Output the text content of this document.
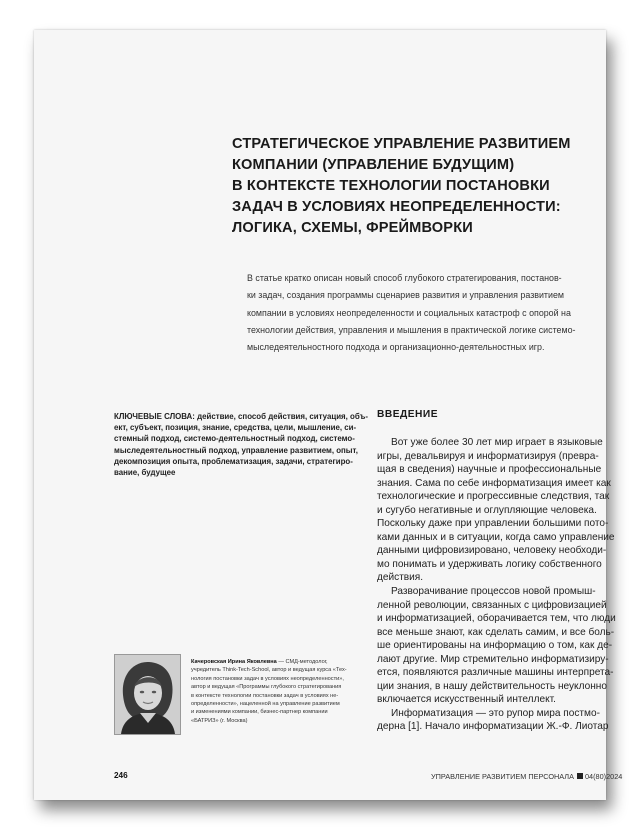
СТРАТЕГИЧЕСКОЕ УПРАВЛЕНИЕ РАЗВИТИЕМ
КОМПАНИИ (УПРАВЛЕНИЕ БУДУЩИМ)
В КОНТЕКСТЕ ТЕХНОЛОГИИ ПОСТАНОВКИ
ЗАДАЧ В УСЛОВИЯХ НЕОПРЕДЕЛЕННОСТИ:
ЛОГИКА, СХЕМЫ, ФРЕЙМВОРКИ
В статье кратко описан новый способ глубокого стратегирования, постанов-
ки задач, создания программы сценариев развития и управления развитием
компании в условиях неопределенности и социальных катастроф с опорой на
технологии действия, управления и мышления в практической логике системо-
мыследеятельностного подхода и организационно-деятельностных игр.
КЛЮЧЕВЫЕ СЛОВА: действие, способ действия, ситуация, объ-
ект, субъект, позиция, знание, средства, цели, мышление, си-
стемный подход, системо-деятельностный подход, системо-
мыследеятельностный подход, управление развитием, опыт,
декомпозиция опыта, проблематизация, задачи, стратегиро-
вание, будущее
ВВЕДЕНИЕ
Вот уже более 30 лет мир играет в языковые
игры, девальвируя и информатизируя (превра-
щая в сведения) научные и профессиональные
знания. Сама по себе информатизация имеет как
технологические и прогрессивные следствия, так
и сугубо негативные и оглупляющие человека.
Поскольку даже при управлении большими пото-
ками данных и в ситуации, когда само управление
данными цифровизировано, человеку необходи-
мо понимать и удерживать логику собственного
действия.
Разворачивание процессов новой промыш-
ленной революции, связанных с цифровизацией
и информатизацией, оборачивается тем, что люди
все меньше знают, как сделать самим, и все боль-
ше ориентированы на информацию о том, как де-
лают другие. Мир стремительно информатизиру-
ется, появляются различные машины интерпрета-
ции знания, в нашу действительность неуклонно
включается искусственный интеллект.
Информатизация — это рупор мира постмо-
дерна [1]. Начало информатизации Ж.-Ф. Лиотар
Качеровская Ирина Яковлевна — СМД-методолог,
учредитель Think-Tech-School, автор и ведущая курса «Тех-
нология постановки задач в условиях неопределенности»,
автор и ведущая «Программы глубокого стратегирования
в контексте технологии постановки задач в условиях не-
определенности», нацеленной на управление развитием
и изменениями компании, бизнес-партнер компании
«БАТРИЗ» (г. Москва)
246	УПРАВЛЕНИЕ РАЗВИТИЕМ ПЕРСОНАЛА 04(80)2024
